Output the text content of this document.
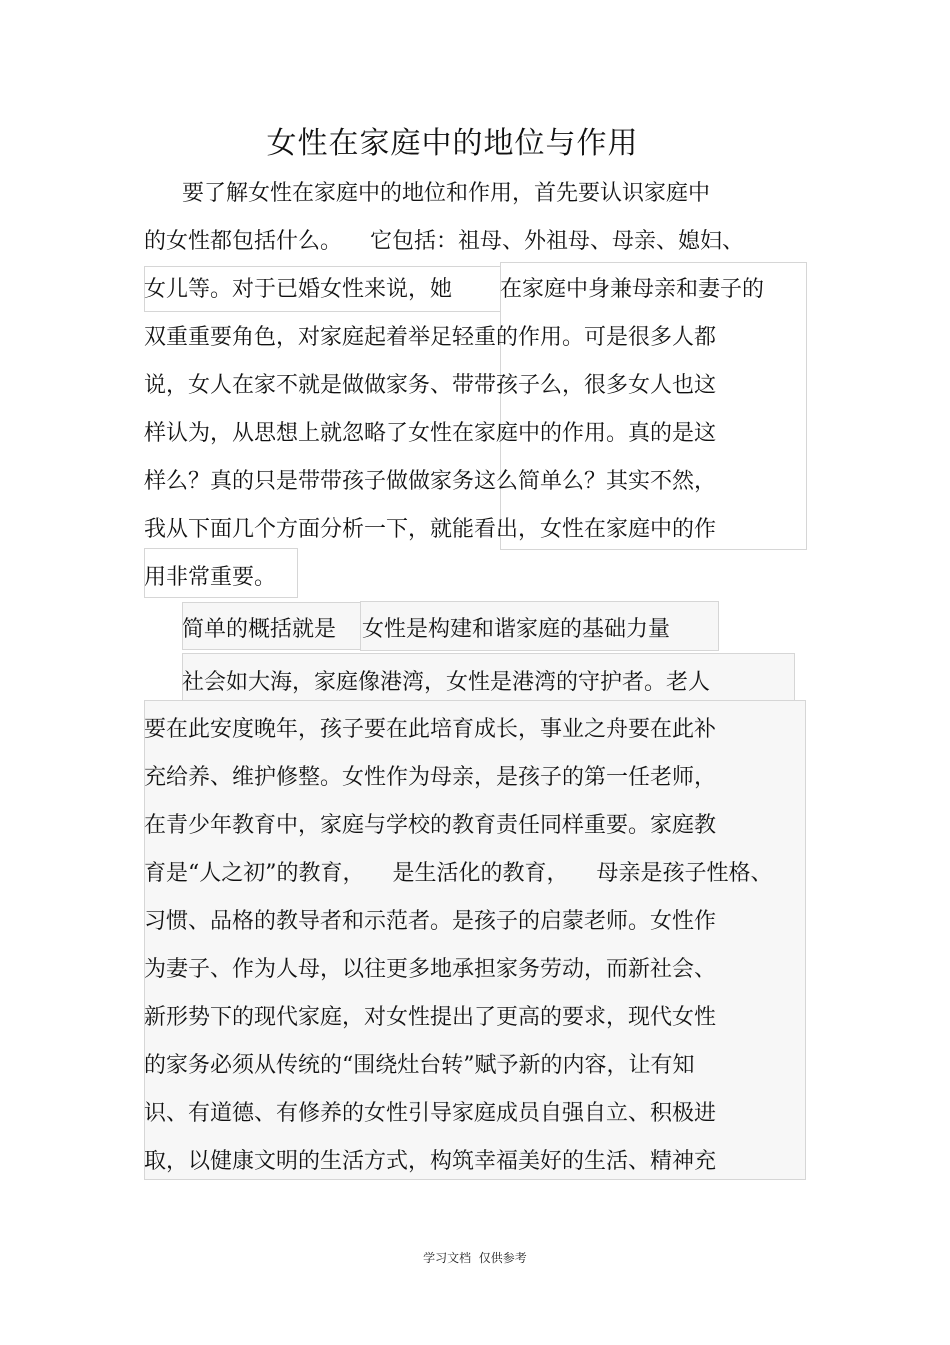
女性在家庭中的地位与作用

要了解女性在家庭中的地位和作用，首先要认识家庭中

的女性都包括什么。    它包括：祖母、外祖母、母亲、媳妇、

女儿等。对于已婚女性来说，她 在家庭中身兼母亲和妻子的

双重重要角色，对家庭起着举足轻重的作用。可是很多人都

说，女人在家不就是做做家务、带带孩子么，很多女人也这

样认为，从思想上就忽略了女性在家庭中的作用。真的是这

样么？真的只是带带孩子做做家务这么简单么？其实不然，

我从下面几个方面分析一下，就能看出，女性在家庭中的作

用非常重要。

简单的概括就是 女性是构建和谐家庭的基础力量

社会如大海，家庭像港湾，女性是港湾的守护者。老人

要在此安度晚年，孩子要在此培育成长，事业之舟要在此补

充给养、维护修整。女性作为母亲，是孩子的第一任老师，

在青少年教育中，家庭与学校的教育责任同样重要。家庭教

育是“人之初”的教育，    是生活化的教育，    母亲是孩子性格、

习惯、品格的教导者和示范者。是孩子的启蒙老师。女性作

为妻子、作为人母，以往更多地承担家务劳动，而新社会、

新形势下的现代家庭，对女性提出了更高的要求，现代女性

的家务必须从传统的“围绕灶台转”赋予新的内容，让有知

识、有道德、有修养的女性引导家庭成员自强自立、积极进

取，以健康文明的生活方式，构筑幸福美好的生活、精神充

学习文档  仅供参考
